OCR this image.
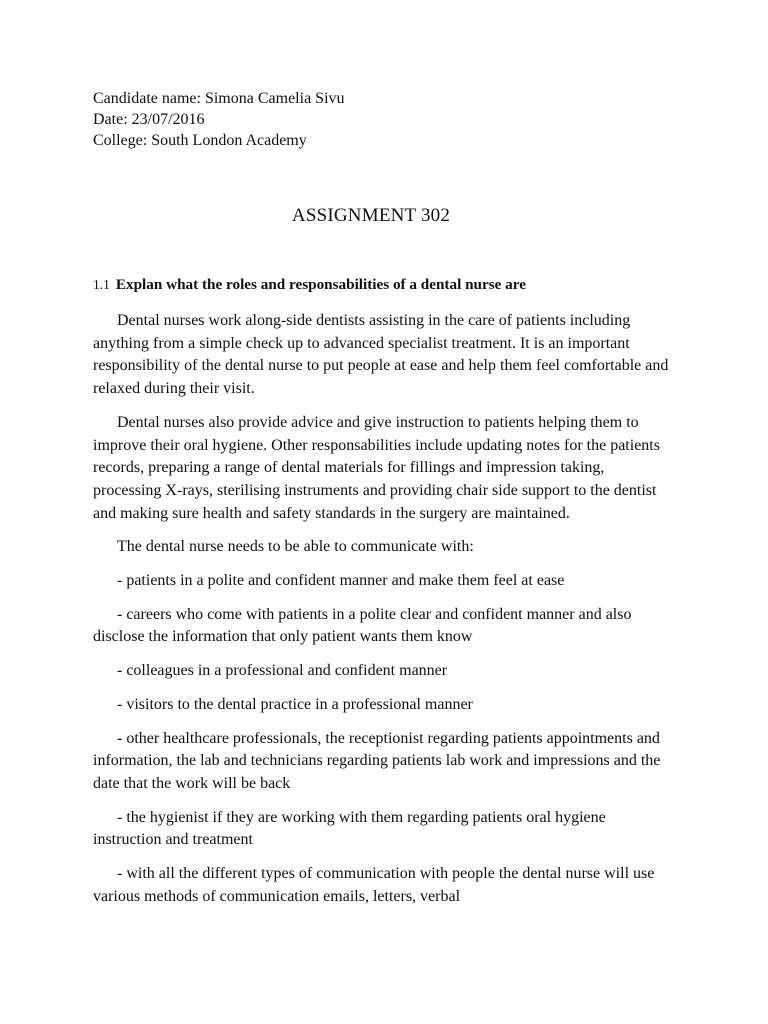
Candidate name: Simona Camelia Sivu
Date: 23/07/2016
College: South London Academy
ASSIGNMENT 302
1.1 Explan what the roles and responsabilities of a dental nurse are

Dental nurses work along-side dentists assisting in the care of patients including anything from a simple check up to advanced specialist treatment. It is an important responsibility of the dental nurse to put people at ease and help them feel comfortable and relaxed during their visit.

Dental nurses also provide advice and give instruction to patients helping them to improve their oral hygiene. Other responsabilities include updating notes for the patients records, preparing a range of dental materials for fillings and impression taking, processing X-rays, sterilising instruments and providing chair side support to the dentist and making sure health and safety standards in the surgery are maintained.

The dental nurse needs to be able to communicate with:

- patients in a polite and confident manner and make them feel at ease

- careers who come with patients in a polite clear and confident manner and also disclose the information that only patient wants them know

- colleagues in a professional and confident manner

- visitors to the dental practice in a professional manner

- other healthcare professionals, the receptionist regarding patients appointments and information, the lab and technicians regarding patients lab work and impressions and the date that the work will be back

- the hygienist if they are working with them regarding patients oral hygiene instruction and treatment

- with all the different types of communication with people the dental nurse will use various methods of communication emails, letters, verbal
